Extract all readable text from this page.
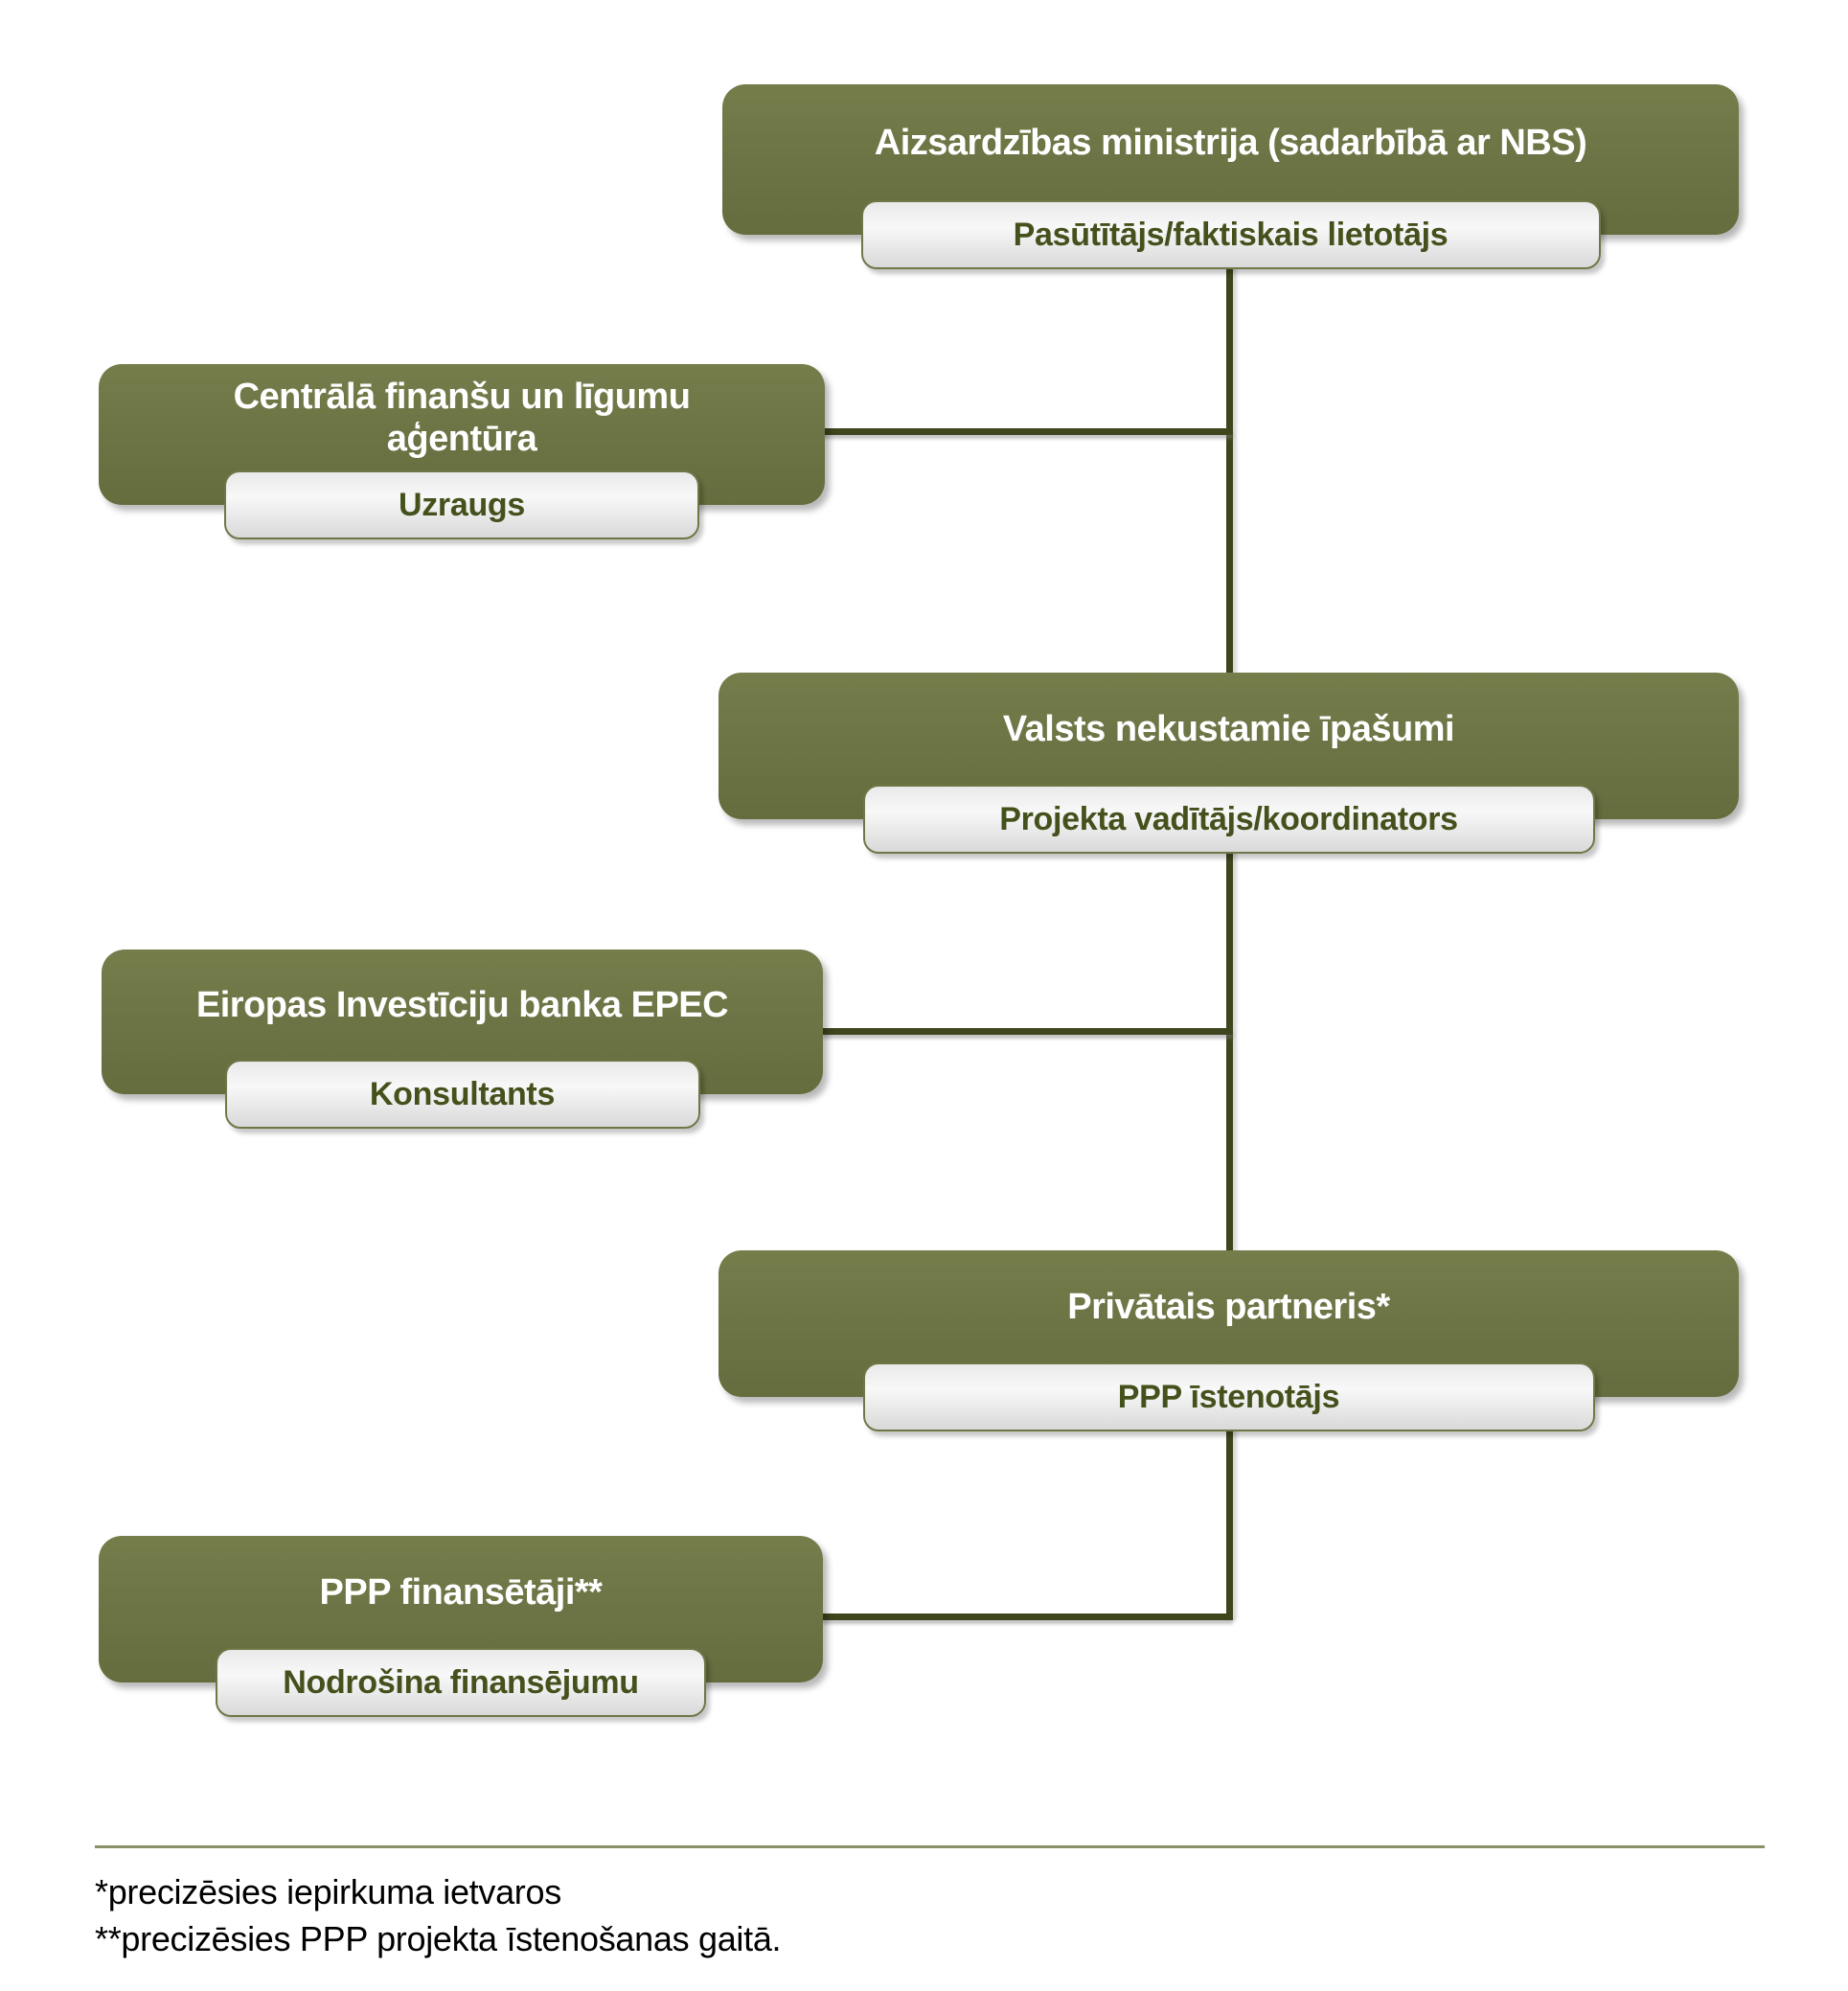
Aizsardzības ministrija (sadarbībā ar NBS)
Pasūtītājs/faktiskais lietotājs
Centrālā finanšu un līgumu aģentūra
Uzraugs
Valsts nekustamie īpašumi
Projekta vadītājs/koordinators
Eiropas Investīciju banka EPEC
Konsultants
Privātais partneris*
PPP īstenotājs
PPP finansētāji**
Nodrošina finansējumu
*precizēsies iepirkuma ietvaros
**precizēsies PPP projekta īstenošanas gaitā.
